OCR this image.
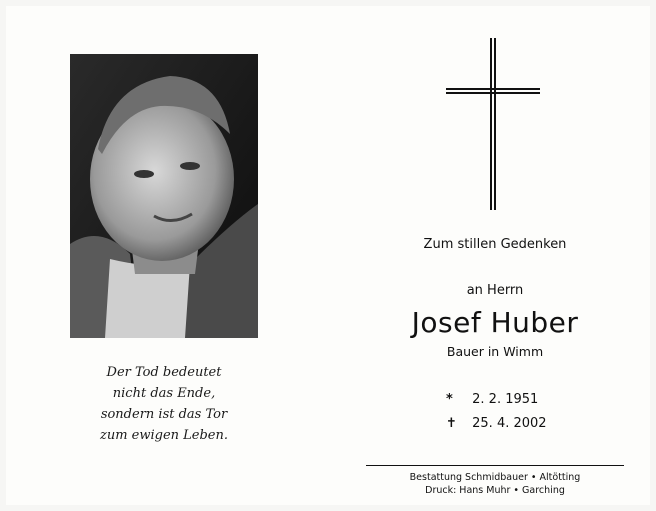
Der Tod bedeutet
nicht das Ende,
sondern ist das Tor
zum ewigen Leben.
Zum stillen Gedenken
an Herrn
Josef Huber
Bauer in Wimm
* 2. 2. 1951
✝ 25. 4. 2002
Bestattung Schmidbauer • Altötting
Druck: Hans Muhr • Garching
